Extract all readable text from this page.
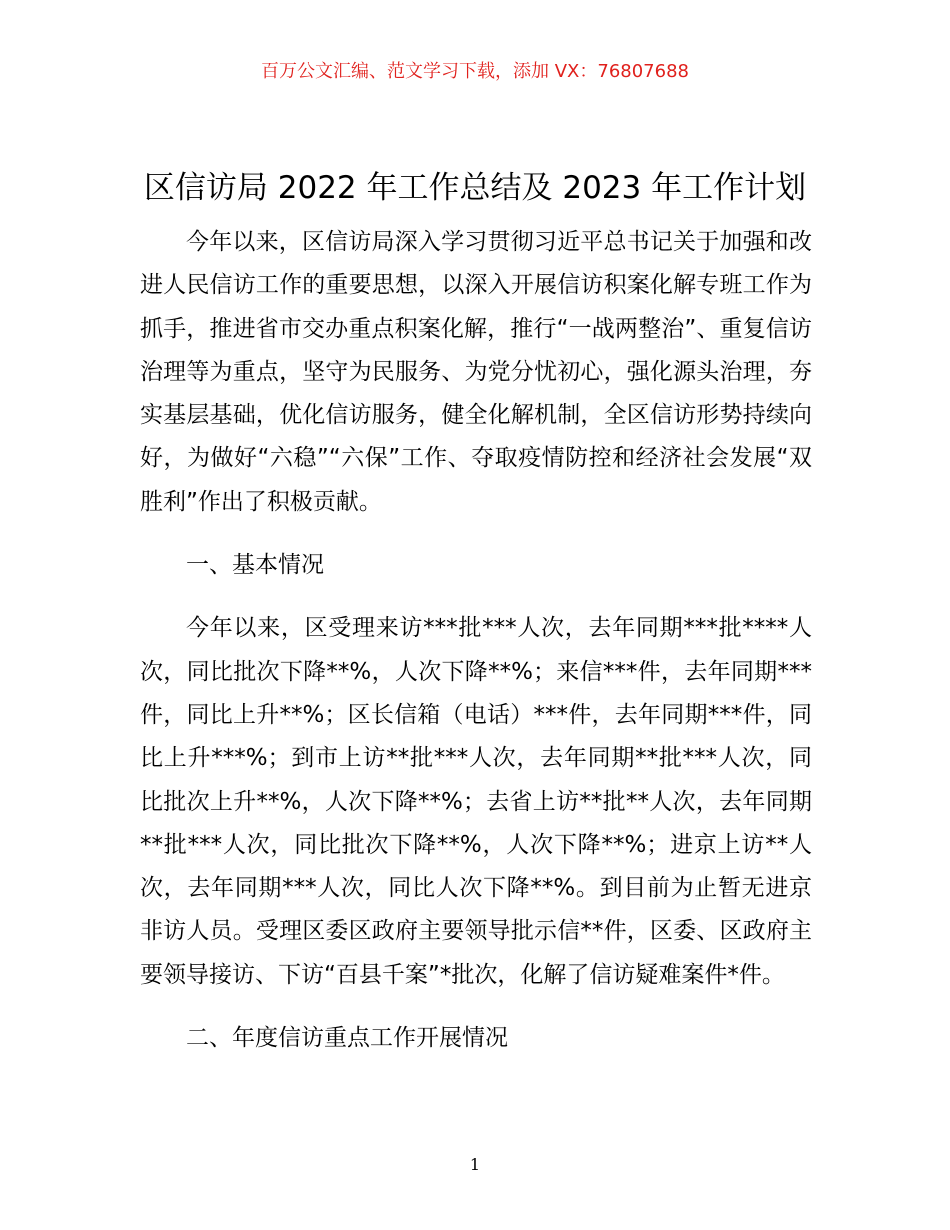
百万公文汇编、范文学习下载，添加 VX：76807688
区信访局 2022 年工作总结及 2023 年工作计划

今年以来，区信访局深入学习贯彻习近平总书记关于加强和改进人民信访工作的重要思想，以深入开展信访积案化解专班工作为抓手，推进省市交办重点积案化解，推行“一战两整治”、重复信访治理等为重点，坚守为民服务、为党分忧初心，强化源头治理，夯实基层基础，优化信访服务，健全化解机制，全区信访形势持续向好，为做好“六稳”“六保”工作、夺取疫情防控和经济社会发展“双胜利”作出了积极贡献。

一、基本情况

今年以来，区受理来访***批***人次，去年同期***批****人次，同比批次下降**%，人次下降**%；来信***件，去年同期***件，同比上升**%；区长信箱（电话）***件，去年同期***件，同比上升***%；到市上访**批***人次，去年同期**批***人次，同比批次上升**%，人次下降**%；去省上访**批**人次，去年同期**批***人次，同比批次下降**%，人次下降**%；进京上访**人次，去年同期***人次，同比人次下降**%。到目前为止暂无进京非访人员。受理区委区政府主要领导批示信**件，区委、区政府主要领导接访、下访“百县千案”*批次，化解了信访疑难案件*件。

二、年度信访重点工作开展情况

1
